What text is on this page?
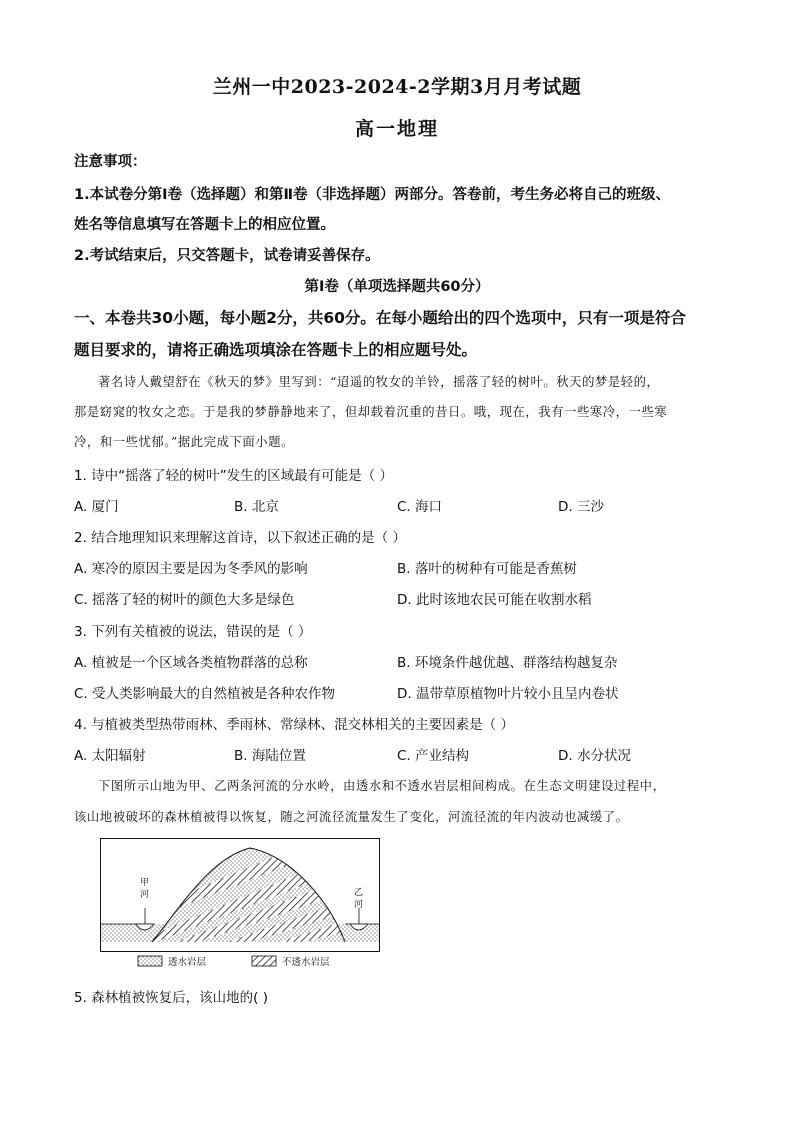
兰州一中2023-2024-2学期3月月考试题
高一地理
注意事项：
1.本试卷分第Ⅰ卷（选择题）和第Ⅱ卷（非选择题）两部分。答卷前，考生务必将自己的班级、
姓名等信息填写在答题卡上的相应位置。
2.考试结束后，只交答题卡，试卷请妥善保存。
第Ⅰ卷（单项选择题共60分）
一、本卷共30小题，每小题2分，共60分。在每小题给出的四个选项中，只有一项是符合
题目要求的，请将正确选项填涂在答题卡上的相应题号处。
著名诗人戴望舒在《秋天的梦》里写到：“迢遥的牧女的羊铃，摇落了轻的树叶。秋天的梦是轻的，
那是窈窕的牧女之恋。于是我的梦静静地来了，但却载着沉重的昔日。哦，现在，我有一些寒冷，一些寒
冷，和一些忧郁。”据此完成下面小题。
1. 诗中“摇落了轻的树叶”发生的区域最有可能是（ ）
A. 厦门	B. 北京	C. 海口	D. 三沙
2. 结合地理知识来理解这首诗，以下叙述正确的是（ ）
A. 寒冷的原因主要是因为冬季风的影响	B. 落叶的树种有可能是香蕉树
C. 摇落了轻的树叶的颜色大多是绿色	D. 此时该地农民可能在收割水稻
3. 下列有关植被的说法，错误的是（ ）
A. 植被是一个区域各类植物群落的总称	B. 环境条件越优越、群落结构越复杂
C. 受人类影响最大的自然植被是各种农作物	D. 温带草原植物叶片较小且呈内卷状
4. 与植被类型热带雨林、季雨林、常绿林、混交林相关的主要因素是（ ）
A. 太阳辐射	B. 海陆位置	C. 产业结构	D. 水分状况
下图所示山地为甲、乙两条河流的分水岭，由透水和不透水岩层相间构成。在生态文明建设过程中，
该山地被破坏的森林植被得以恢复，随之河流径流量发生了变化，河流径流的年内波动也减缓了。
甲
河	乙
河
透水岩层	不透水岩层
5. 森林植被恢复后，该山地的( )
